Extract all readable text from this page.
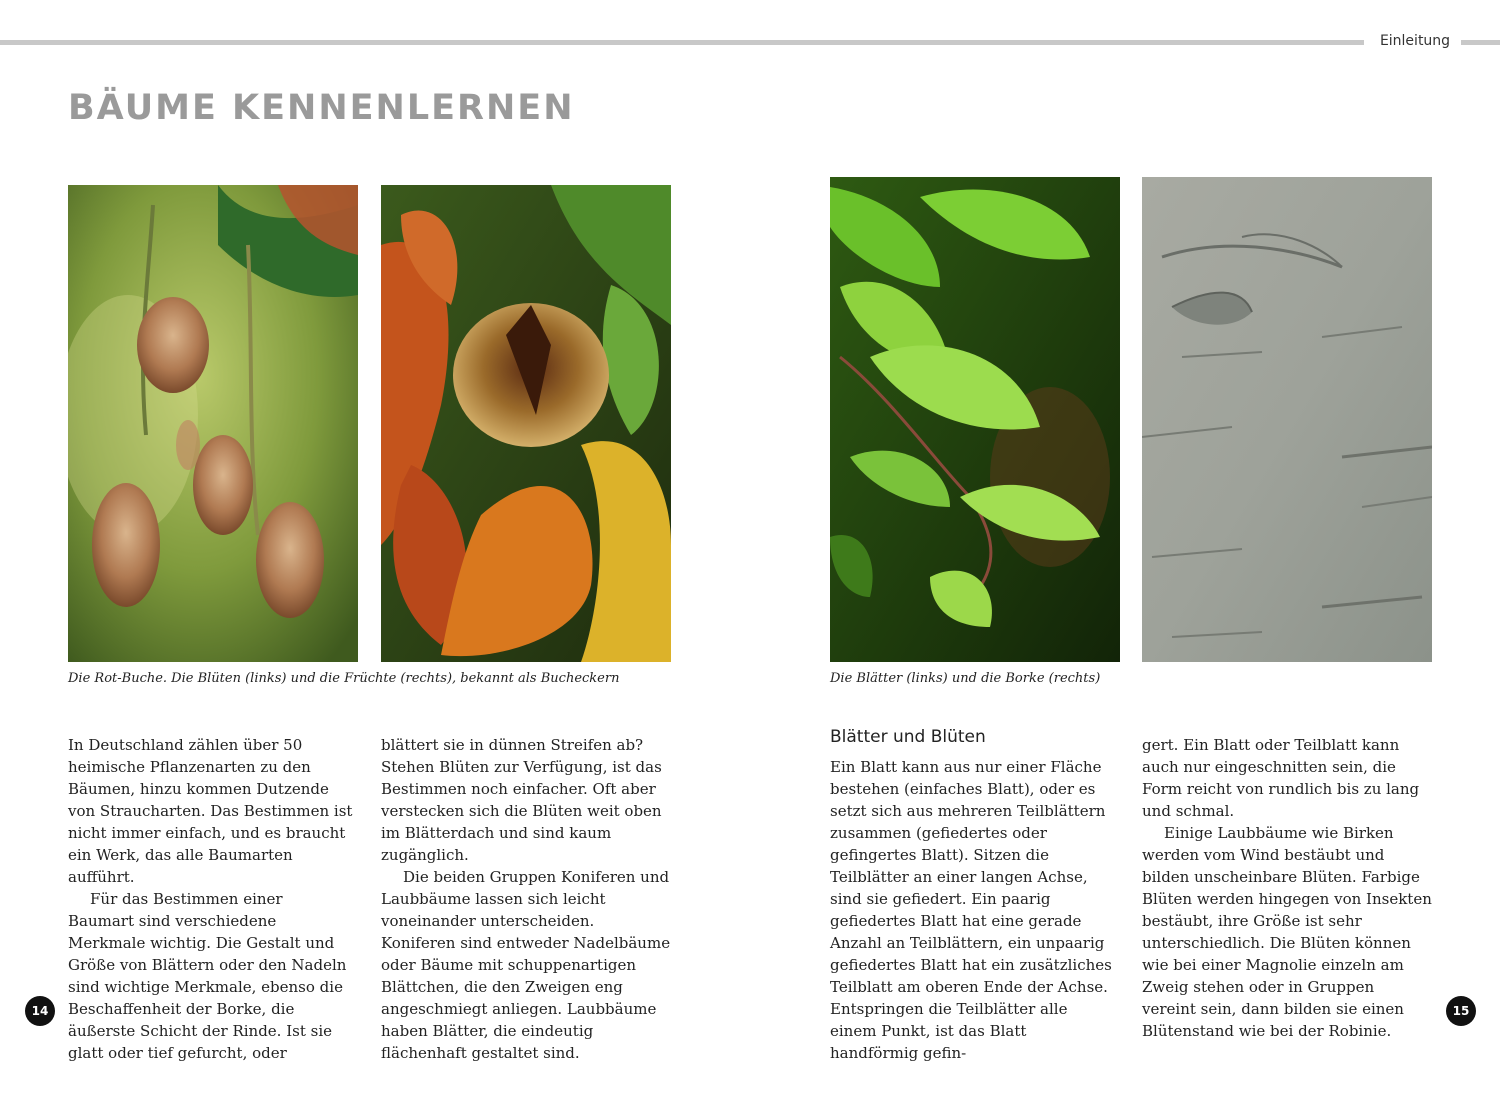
Einleitung
BÄUME KENNENLERNEN
Die Rot-Buche. Die Blüten (links) und die Früchte (rechts), bekannt als Bucheckern

In Deutschland zählen über 50 heimische Pflanzenarten zu den Bäumen, hinzu kommen Dutzende von Straucharten. Das Bestimmen ist nicht immer einfach, und es braucht ein Werk, das alle Baumarten aufführt.

Für das Bestimmen einer Baumart sind verschiedene Merkmale wichtig. Die Gestalt und Größe von Blättern oder den Nadeln sind wichtige Merkmale, ebenso die Beschaffenheit der Borke, die äußerste Schicht der Rinde. Ist sie glatt oder tief gefurcht, oder

blättert sie in dünnen Streifen ab? Stehen Blüten zur Verfügung, ist das Bestimmen noch einfacher. Oft aber verstecken sich die Blüten weit oben im Blätterdach und sind kaum zugänglich.

Die beiden Gruppen Koniferen und Laubbäume lassen sich leicht voneinander unterscheiden. Koniferen sind entweder Nadelbäume oder Bäume mit schuppenartigen Blättchen, die den Zweigen eng angeschmiegt anliegen. Laubbäume haben Blätter, die eindeutig flächenhaft gestaltet sind.

14
Die Blätter (links) und die Borke (rechts)
Blätter und Blüten

Ein Blatt kann aus nur einer Fläche bestehen (einfaches Blatt), oder es setzt sich aus mehreren Teilblättern zusammen (gefiedertes oder gefingertes Blatt). Sitzen die Teilblätter an einer langen Achse, sind sie gefiedert. Ein paarig gefiedertes Blatt hat eine gerade Anzahl an Teilblättern, ein unpaarig gefiedertes Blatt hat ein zusätzliches Teilblatt am oberen Ende der Achse. Entspringen die Teilblätter alle einem Punkt, ist das Blatt handförmig gefin-

gert. Ein Blatt oder Teilblatt kann auch nur eingeschnitten sein, die Form reicht von rundlich bis zu lang und schmal.

Einige Laubbäume wie Birken werden vom Wind bestäubt und bilden unscheinbare Blüten. Farbige Blüten werden hingegen von Insekten bestäubt, ihre Größe ist sehr unterschiedlich. Die Blüten können wie bei einer Magnolie einzeln am Zweig stehen oder in Gruppen vereint sein, dann bilden sie einen Blütenstand wie bei der Robinie.

15
